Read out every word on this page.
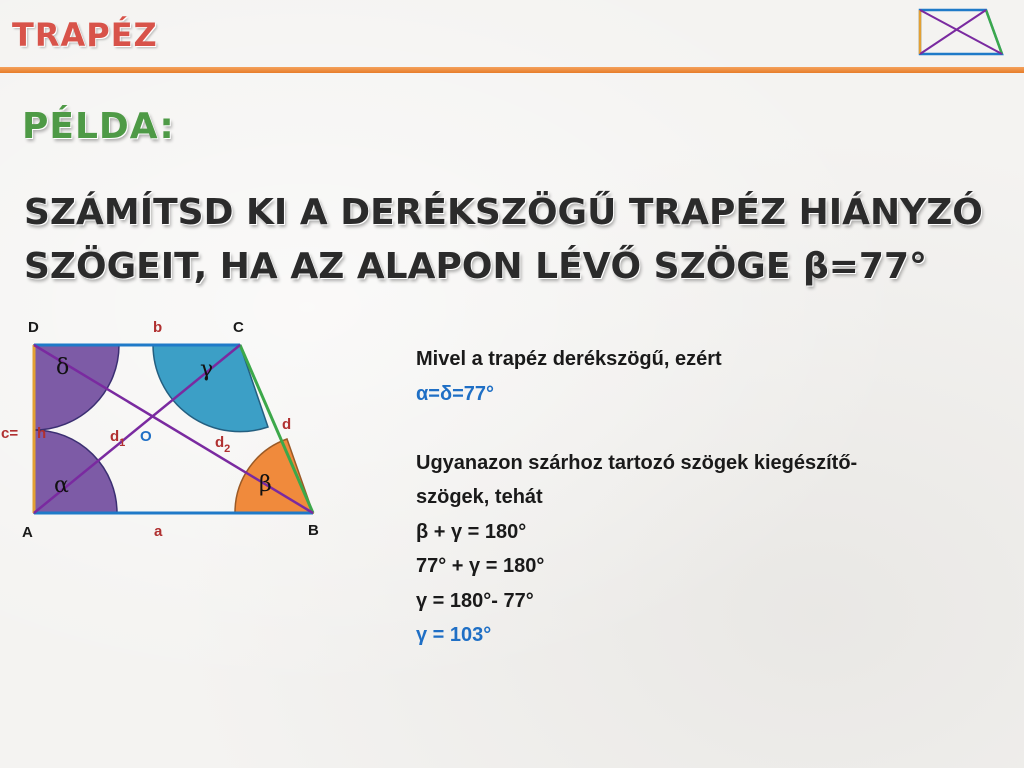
TRAPÉZ
PÉLDA:
SZÁMÍTSD KI A DERÉKSZÖGŰ TRAPÉZ HIÁNYZÓ
SZÖGEIT, HA AZ ALAPON LÉVŐ SZÖGE β=77°
δ
α
γ
β
D	C
A	B
b
a
c= h
d
$d_1$	$d_2$
O
Mivel a trapéz derékszögű, ezért
α=δ=77°
Ugyanazon szárhoz tartozó szögek kiegészítő-
szögek, tehát
β + γ = 180°
77° + γ = 180°
γ = 180°- 77°
γ = 103°
